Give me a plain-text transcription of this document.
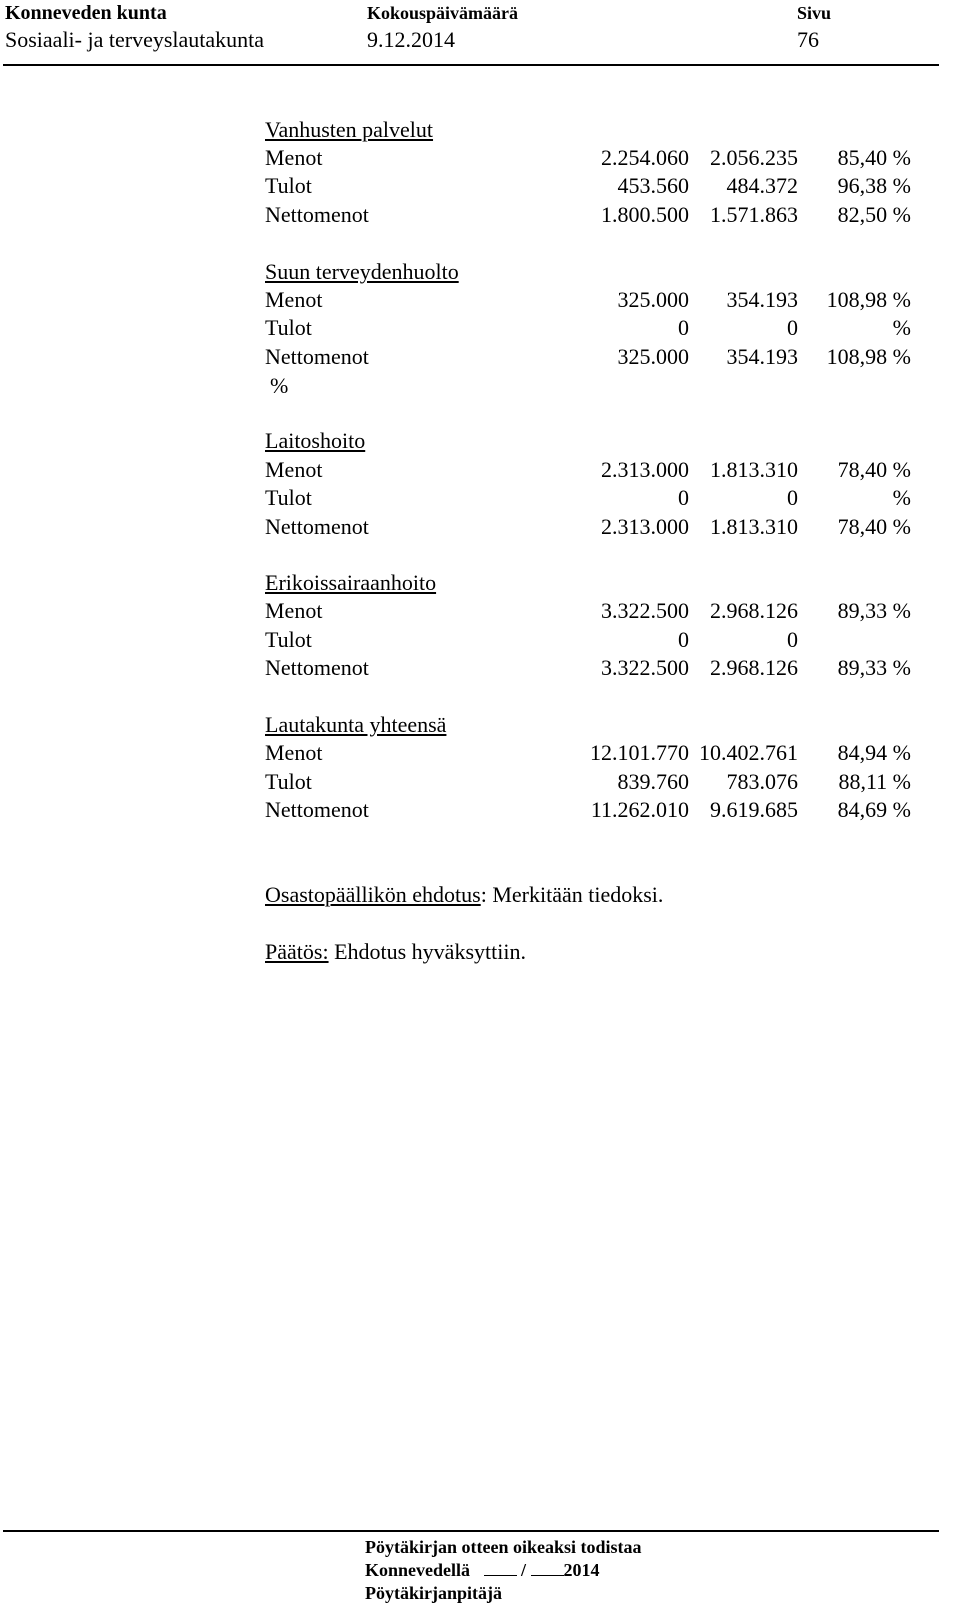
Konneveden kunta
Sosiaali- ja terveyslautakunta
Kokouspäivämäärä
9.12.2014
Sivu
76
Vanhusten palvelut
Menot	2.254.060 2.056.235	85,40 %
Tulot	453.560	484.372	96,38 %
Nettomenot	1.800.500 1.571.863	82,50 %
Suun terveydenhuolto
Menot	325.000	354.193	108,98 %
Tulot	0	0	%
Nettomenot	325.000	354.193	108,98 %
%
Laitoshoito
Menot	2.313.000 1.813.310	78,40 %
Tulot	0	0	%
Nettomenot	2.313.000 1.813.310	78,40 %
Erikoissairaanhoito
Menot	3.322.500 2.968.126	89,33 %
Tulot	0	0
Nettomenot	3.322.500 2.968.126	89,33 %
Lautakunta yhteensä
Menot	12.101.770 10.402.761	84,94 %
Tulot	839.760	783.076	88,11 %
Nettomenot	11.262.010 9.619.685	84,69 %
Osastopäällikön ehdotus: Merkitään tiedoksi.
Päätös: Ehdotus hyväksyttiin.
Pöytäkirjan otteen oikeaksi todistaa
Konnevedellä	/ 2014
Pöytäkirjanpitäjä
